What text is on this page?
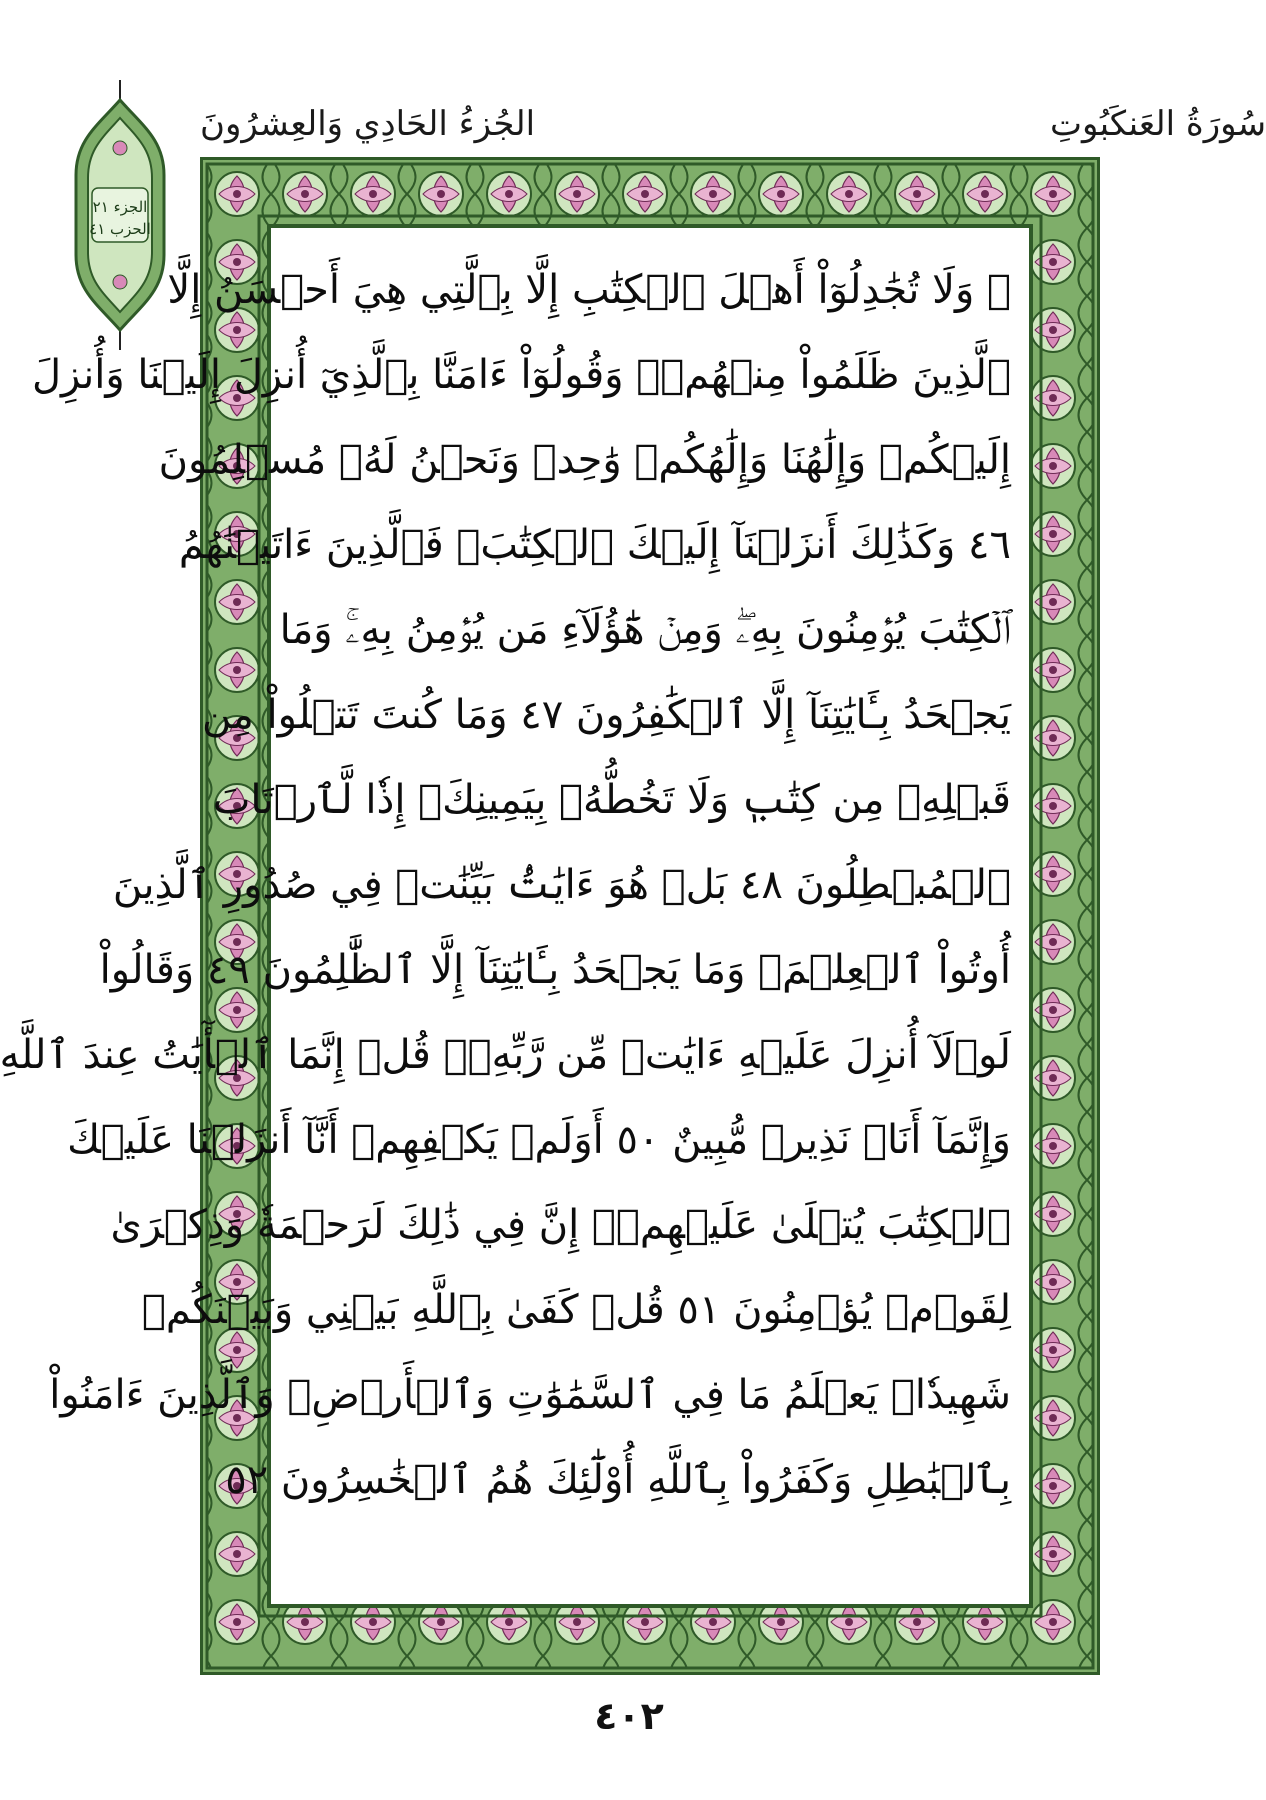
الجُزءُ الحَادِي وَالعِشرُونَ	سُورَةُ العَنكَبُوتِ
الجزء ٢١
الحزب ٤١
۞ وَلَا تُجَٰدِلُوٓاْ أَهۡلَ ٱلۡكِتَٰبِ إِلَّا بِٱلَّتِي هِيَ أَحۡسَنُ إِلَّا
ٱلَّذِينَ ظَلَمُواْ مِنۡهُمۡۖ وَقُولُوٓاْ ءَامَنَّا بِٱلَّذِيٓ أُنزِلَ إِلَيۡنَا وَأُنزِلَ
إِلَيۡكُمۡ وَإِلَٰهُنَا وَإِلَٰهُكُمۡ وَٰحِدٞ وَنَحۡنُ لَهُۥ مُسۡلِمُونَ
٤٦ وَكَذَٰلِكَ أَنزَلۡنَآ إِلَيۡكَ ٱلۡكِتَٰبَۚ فَٱلَّذِينَ ءَاتَيۡنَٰهُمُ
ٱلۡكِتَٰبَ يُؤۡمِنُونَ بِهِۦۖ وَمِنۡ هَٰٓؤُلَآءِ مَن يُؤۡمِنُ بِهِۦۚ وَمَا
يَجۡحَدُ بِـَٔايَٰتِنَآ إِلَّا ٱلۡكَٰفِرُونَ ٤٧ وَمَا كُنتَ تَتۡلُواْ مِن
قَبۡلِهِۦ مِن كِتَٰبٖ وَلَا تَخُطُّهُۥ بِيَمِينِكَۖ إِذٗا لَّٱرۡتَابَ
ٱلۡمُبۡطِلُونَ ٤٨ بَلۡ هُوَ ءَايَٰتُۢ بَيِّنَٰتٞ فِي صُدُورِ ٱلَّذِينَ
أُوتُواْ ٱلۡعِلۡمَۚ وَمَا يَجۡحَدُ بِـَٔايَٰتِنَآ إِلَّا ٱلظَّٰلِمُونَ ٤٩ وَقَالُواْ
لَوۡلَآ أُنزِلَ عَلَيۡهِ ءَايَٰتٞ مِّن رَّبِّهِۦۖ قُلۡ إِنَّمَا ٱلۡأٓيَٰتُ عِندَ ٱللَّهِ
وَإِنَّمَآ أَنَا۠ نَذِيرٞ مُّبِينٌ ٥٠ أَوَلَمۡ يَكۡفِهِمۡ أَنَّآ أَنزَلۡنَا عَلَيۡكَ
ٱلۡكِتَٰبَ يُتۡلَىٰ عَلَيۡهِمۡۚ إِنَّ فِي ذَٰلِكَ لَرَحۡمَةٗ وَذِكۡرَىٰ
لِقَوۡمٖ يُؤۡمِنُونَ ٥١ قُلۡ كَفَىٰ بِٱللَّهِ بَيۡنِي وَبَيۡنَكُمۡ
شَهِيدٗاۖ يَعۡلَمُ مَا فِي ٱلسَّمَٰوَٰتِ وَٱلۡأَرۡضِۗ وَٱلَّذِينَ ءَامَنُواْ
بِٱلۡبَٰطِلِ وَكَفَرُواْ بِٱللَّهِ أُوْلَٰٓئِكَ هُمُ ٱلۡخَٰسِرُونَ ٥٢
٤٠٢
